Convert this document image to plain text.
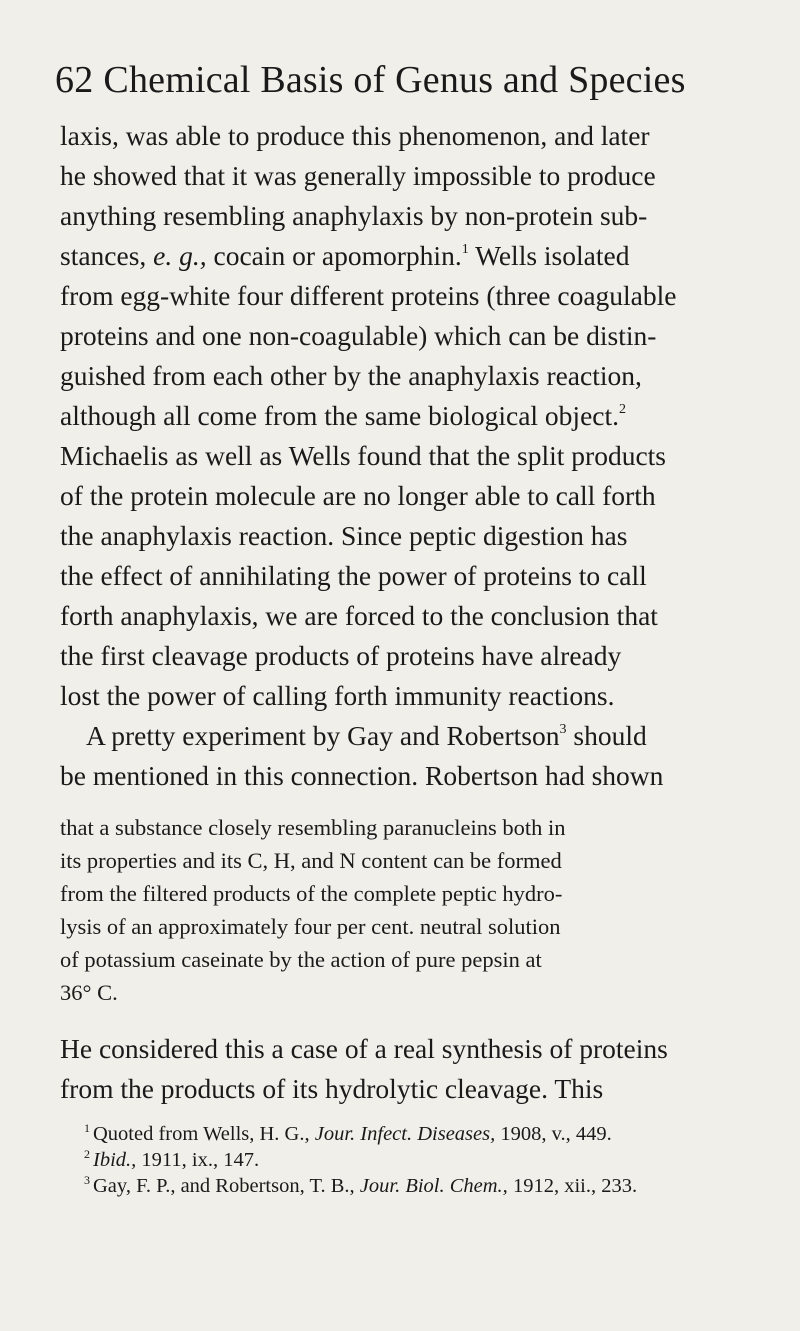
62 Chemical Basis of Genus and Species
laxis, was able to produce this phenomenon, and later
he showed that it was generally impossible to produce
anything resembling anaphylaxis by non-protein sub-
stances, e. g., cocain or apomorphin.$^1$ Wells isolated
from egg-white four different proteins (three coagulable
proteins and one non-coagulable) which can be distin-
guished from each other by the anaphylaxis reaction,
although all come from the same biological object.$^2$
Michaelis as well as Wells found that the split products
of the protein molecule are no longer able to call forth
the anaphylaxis reaction. Since peptic digestion has
the effect of annihilating the power of proteins to call
forth anaphylaxis, we are forced to the conclusion that
the first cleavage products of proteins have already
lost the power of calling forth immunity reactions.
A pretty experiment by Gay and Robertson$^3$ should
be mentioned in this connection. Robertson had shown
that a substance closely resembling paranucleins both in
its properties and its C, H, and N content can be formed
from the filtered products of the complete peptic hydro-
lysis of an approximately four per cent. neutral solution
of potassium caseinate by the action of pure pepsin at
36° C.
He considered this a case of a real synthesis of proteins
from the products of its hydrolytic cleavage. This
$^1$ Quoted from Wells, H. G., Jour. Infect. Diseases, 1908, v., 449.
$^2$ Ibid., 1911, ix., 147.
$^3$ Gay, F. P., and Robertson, T. B., Jour. Biol. Chem., 1912, xii., 233.
